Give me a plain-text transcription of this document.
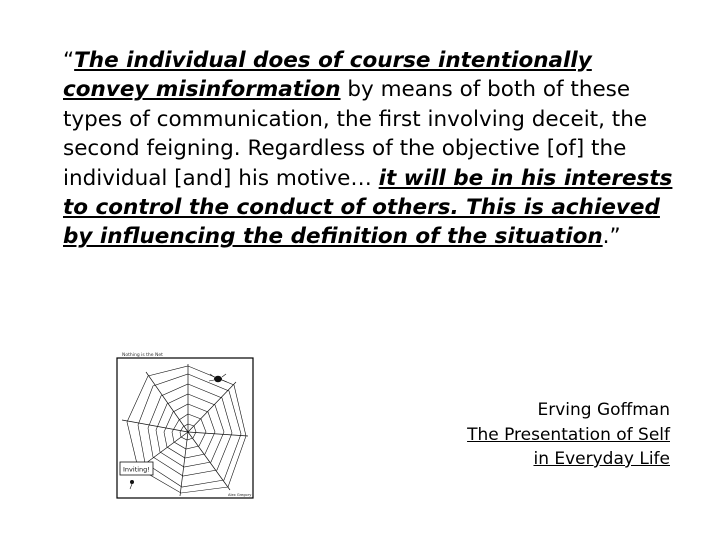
“The individual does of course intentionally convey misinformation by means of both of these types of communication, the first involving deceit, the second feigning. Regardless of the objective [of] the individual [and] his motive… it will be in his interests to control the conduct of others. This is achieved by influencing the definition of the situation.”

Nothing is the Net
Inviting!
Alex Gregory
Erving Goffman
The Presentation of Self
in Everyday Life
